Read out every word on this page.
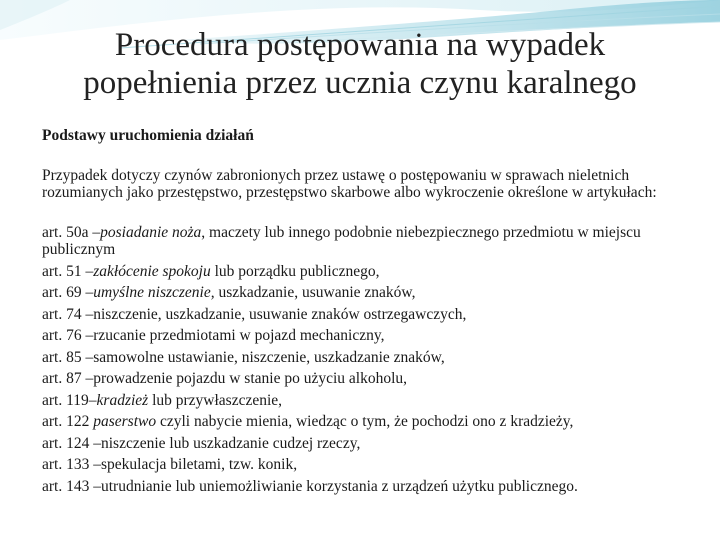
Procedura postępowania na wypadek
popełnienia przez ucznia czynu karalnego

Podstawy uruchomienia działań

Przypadek dotyczy czynów zabronionych przez ustawę o postępowaniu w sprawach nieletnich rozumianych jako przestępstwo, przestępstwo skarbowe albo wykroczenie określone w artykułach:

art. 50a –posiadanie noża, maczety lub innego podobnie niebezpiecznego przedmiotu w miejscu publicznym
art. 51 –zakłócenie spokoju lub porządku publicznego,
art. 69 –umyślne niszczenie, uszkadzanie, usuwanie znaków,
art. 74 –niszczenie, uszkadzanie, usuwanie znaków ostrzegawczych,
art. 76 –rzucanie przedmiotami w pojazd mechaniczny,
art. 85 –samowolne ustawianie, niszczenie, uszkadzanie znaków,
art. 87 –prowadzenie pojazdu w stanie po użyciu alkoholu,
art. 119–kradzież lub przywłaszczenie,
art. 122 paserstwo czyli nabycie mienia, wiedząc o tym, że pochodzi ono z kradzieży,
art. 124 –niszczenie lub uszkadzanie cudzej rzeczy,
art. 133 –spekulacja biletami, tzw. konik,
art. 143 –utrudnianie lub uniemożliwianie korzystania z urządzeń użytku publicznego.
